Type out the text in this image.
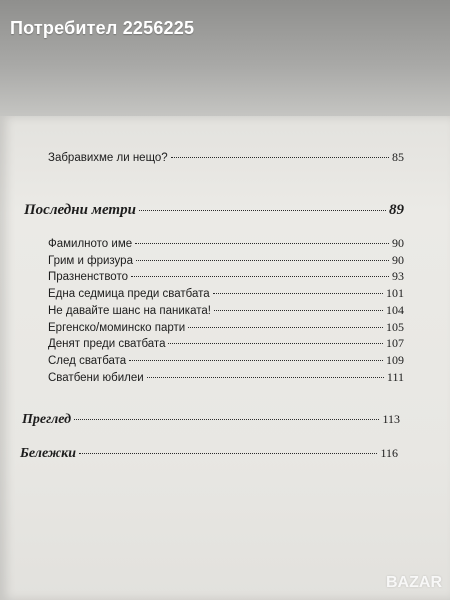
Потребител 2256225
Забравихме ли нещо?	85
Последни метри	89
Фамилното име	90
Грим и фризура	90
Празненството	93
Една седмица преди сватбата	101
Не давайте шанс на паниката!	104
Ергенско/моминско парти	105
Денят преди сватбата	107
След сватбата	109
Сватбени юбилеи	111
Преглед	113
Бележки	116
BAZAR
